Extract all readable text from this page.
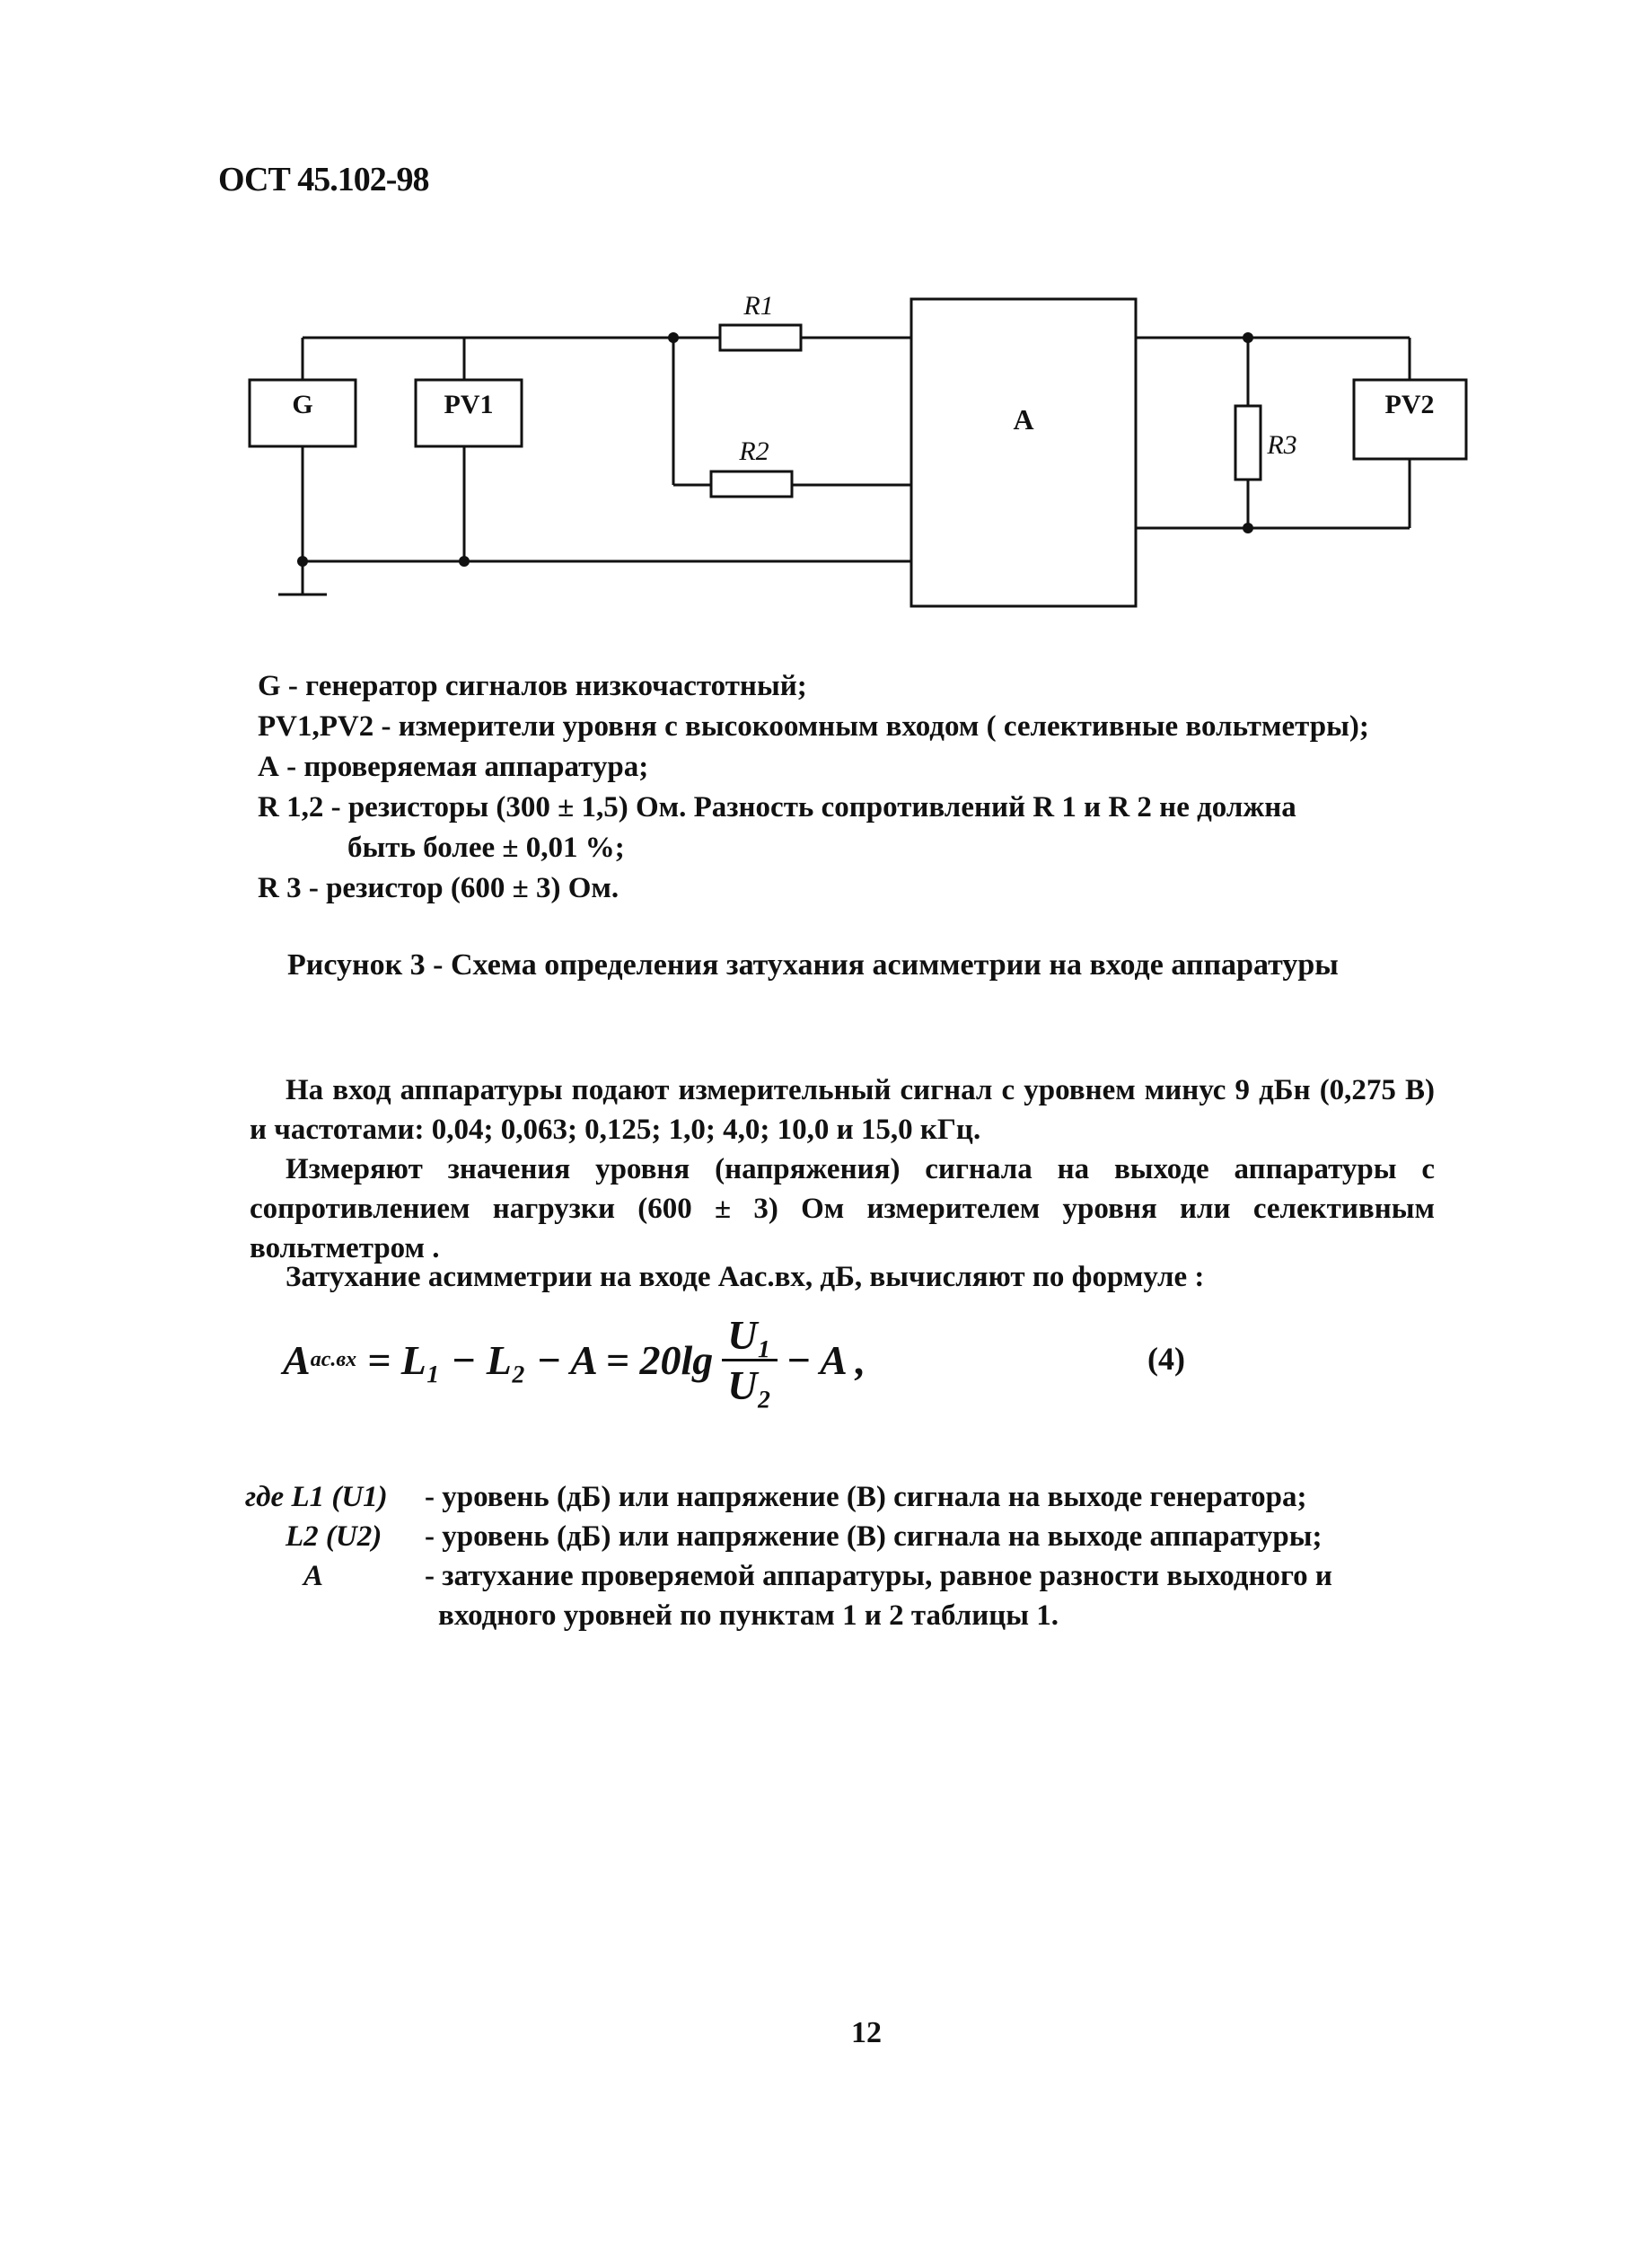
ОСТ 45.102-98
G	PV1	A	PV2
R1
R2	R3
G - генератор сигналов низкочастотный;
PV1,PV2 - измерители уровня с высокоомным входом ( селективные вольтметры);
А - проверяемая аппаратура;
R 1,2 - резисторы (300 ± 1,5) Ом. Разность сопротивлений R 1 и R 2 не должна
быть более ± 0,01 %;
R 3 - резистор (600 ± 3) Ом.
Рисунок 3 - Схема определения затухания асимметрии на входе аппаратуры
На вход аппаратуры подают измерительный сигнал с уровнем минус 9 дБн (0,275 В) и частотами: 0,04; 0,063; 0,125; 1,0; 4,0; 10,0 и 15,0 кГц.
Измеряют значения уровня (напряжения) сигнала на выходе аппаратуры с сопротивлением нагрузки (600 ± 3) Ом измерителем уровня или селективным вольтметром .
Затухание асимметрии на входе Аас.вх, дБ, вычисляют по формуле :
A $ac.вх = L_1 - L_2 - A = 20\lg \frac{\text{U₁}}{\text{U₂}} - A$ ,	(4)
где L1 (U1)	- уровень (дБ) или напряжение (В) сигнала на выходе генератора;
L2 (U2)	- уровень (дБ) или напряжение (В) сигнала на выходе аппаратуры;
A	- затухание проверяемой аппаратуры, равное разности выходного и
входного уровней по пунктам 1 и 2 таблицы 1.
12
